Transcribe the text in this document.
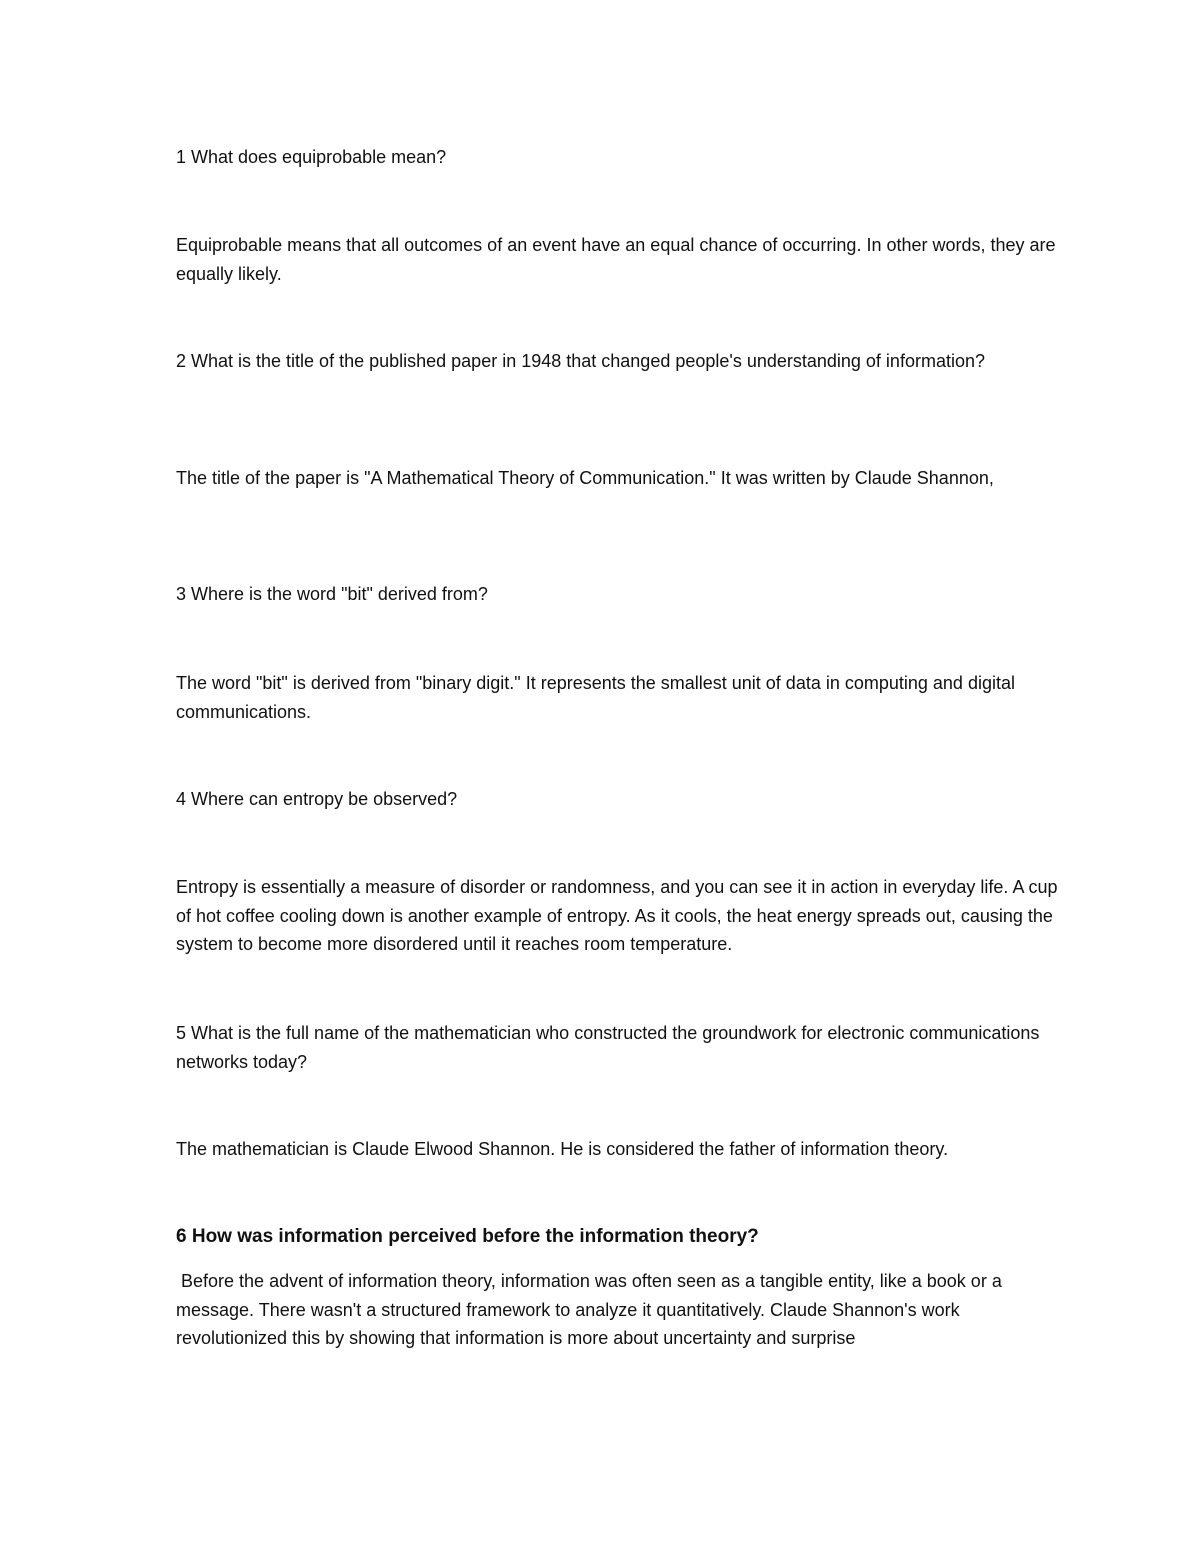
1 What does equiprobable mean?

Equiprobable means that all outcomes of an event have an equal chance of occurring. In other words, they are equally likely.

2 What is the title of the published paper in 1948 that changed people's understanding of information?

The title of the paper is "A Mathematical Theory of Communication." It was written by Claude Shannon,

3 Where is the word "bit" derived from?

The word "bit" is derived from "binary digit." It represents the smallest unit of data in computing and digital communications.

4 Where can entropy be observed?

Entropy is essentially a measure of disorder or randomness, and you can see it in action in everyday life. A cup of hot coffee cooling down is another example of entropy. As it cools, the heat energy spreads out, causing the system to become more disordered until it reaches room temperature.

5 What is the full name of the mathematician who constructed the groundwork for electronic communications networks today?

The mathematician is Claude Elwood Shannon. He is considered the father of information theory.

6 How was information perceived before the information theory?

Before the advent of information theory, information was often seen as a tangible entity, like a book or a message. There wasn't a structured framework to analyze it quantitatively. Claude Shannon's work revolutionized this by showing that information is more about uncertainty and surprise
